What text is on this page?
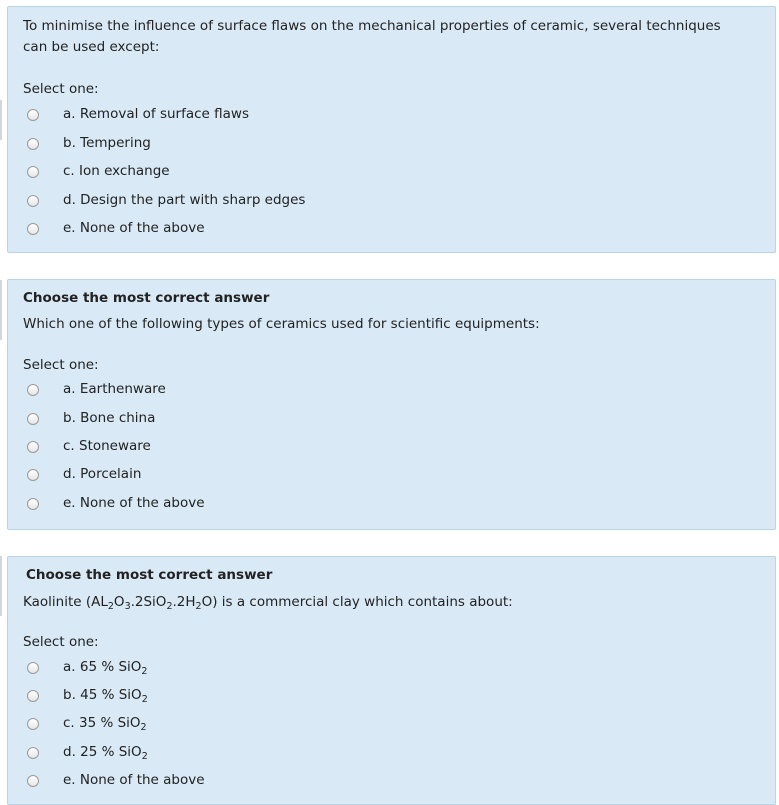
To minimise the influence of surface flaws on the mechanical properties of ceramic, several techniques can be used except:
Select one:
a. Removal of surface flaws
b. Tempering
c. Ion exchange
d. Design the part with sharp edges
e. None of the above
Choose the most correct answer
Which one of the following types of ceramics used for scientific equipments:
Select one:
a. Earthenware
b. Bone china
c. Stoneware
d. Porcelain
e. None of the above
Choose the most correct answer
Kaolinite $(AL_2O_3.2SiO_2.2H_2O)$ is a commercial clay which contains about:
Select one:
a. 65 % SiO$_2$
b. 45 % SiO$_2$
c. 35 % SiO$_2$
d. 25 % SiO$_2$
e. None of the above
